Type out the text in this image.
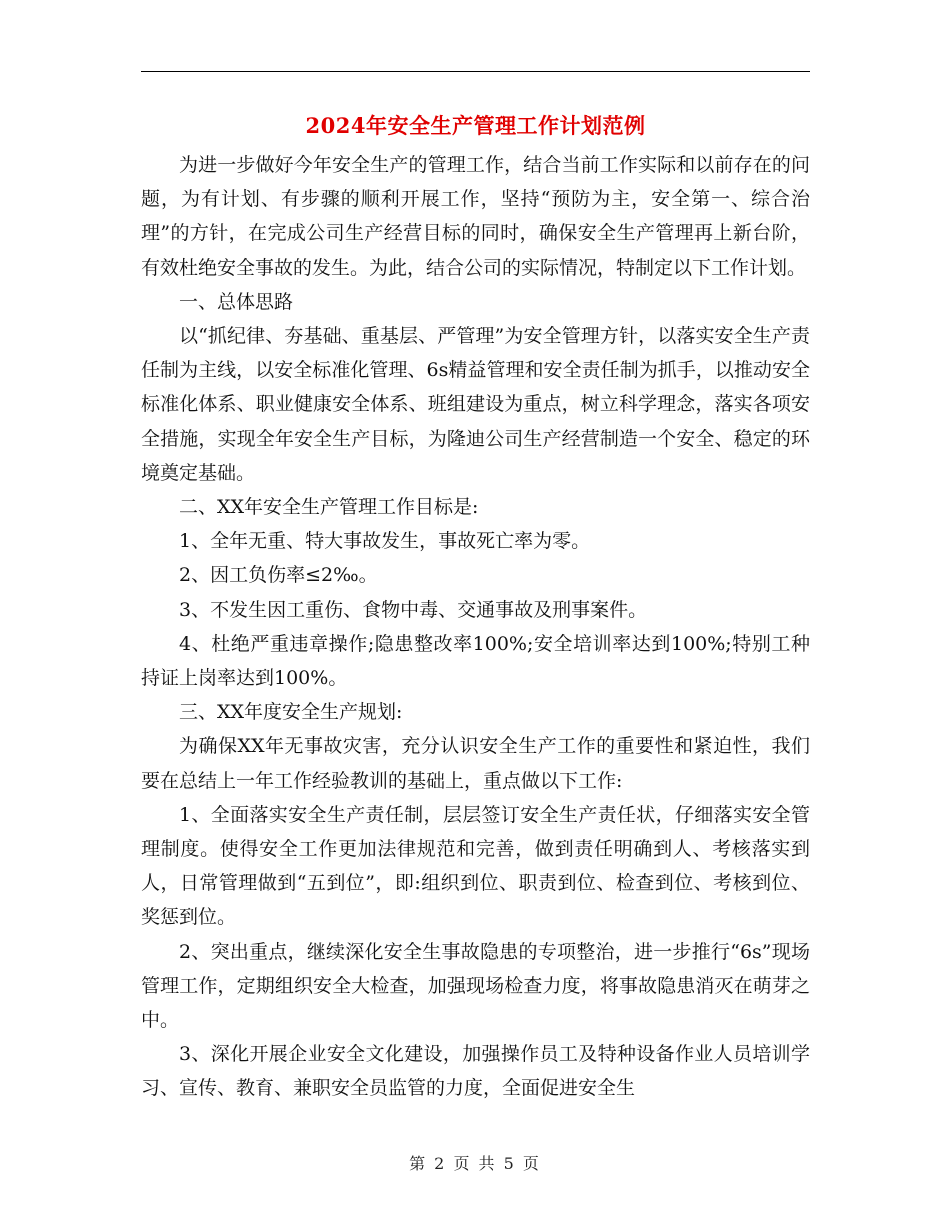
2024年安全生产管理工作计划范例

为进一步做好今年安全生产的管理工作，结合当前工作实际和以前存在的问题，为有计划、有步骤的顺利开展工作，坚持“预防为主，安全第一、综合治理”的方针，在完成公司生产经营目标的同时，确保安全生产管理再上新台阶，有效杜绝安全事故的发生。为此，结合公司的实际情况，特制定以下工作计划。

一、总体思路

以“抓纪律、夯基础、重基层、严管理”为安全管理方针，以落实安全生产责任制为主线，以安全标准化管理、6s精益管理和安全责任制为抓手，以推动安全标准化体系、职业健康安全体系、班组建设为重点，树立科学理念，落实各项安全措施，实现全年安全生产目标，为隆迪公司生产经营制造一个安全、稳定的环境奠定基础。

二、XX年安全生产管理工作目标是:

1、全年无重、特大事故发生，事故死亡率为零。

2、因工负伤率≤2‰。

3、不发生因工重伤、食物中毒、交通事故及刑事案件。

4、杜绝严重违章操作;隐患整改率100%;安全培训率达到100%;特别工种持证上岗率达到100%。

三、XX年度安全生产规划:

为确保XX年无事故灾害，充分认识安全生产工作的重要性和紧迫性，我们要在总结上一年工作经验教训的基础上，重点做以下工作:

1、全面落实安全生产责任制，层层签订安全生产责任状，仔细落实安全管理制度。使得安全工作更加法律规范和完善，做到责任明确到人、考核落实到人，日常管理做到“五到位”，即:组织到位、职责到位、检查到位、考核到位、奖惩到位。

2、突出重点，继续深化安全生事故隐患的专项整治，进一步推行“6s”现场管理工作，定期组织安全大检查，加强现场检查力度，将事故隐患消灭在萌芽之中。

3、深化开展企业安全文化建设，加强操作员工及特种设备作业人员培训学习、宣传、教育、兼职安全员监管的力度，全面促进安全生

第 2 页 共 5 页
